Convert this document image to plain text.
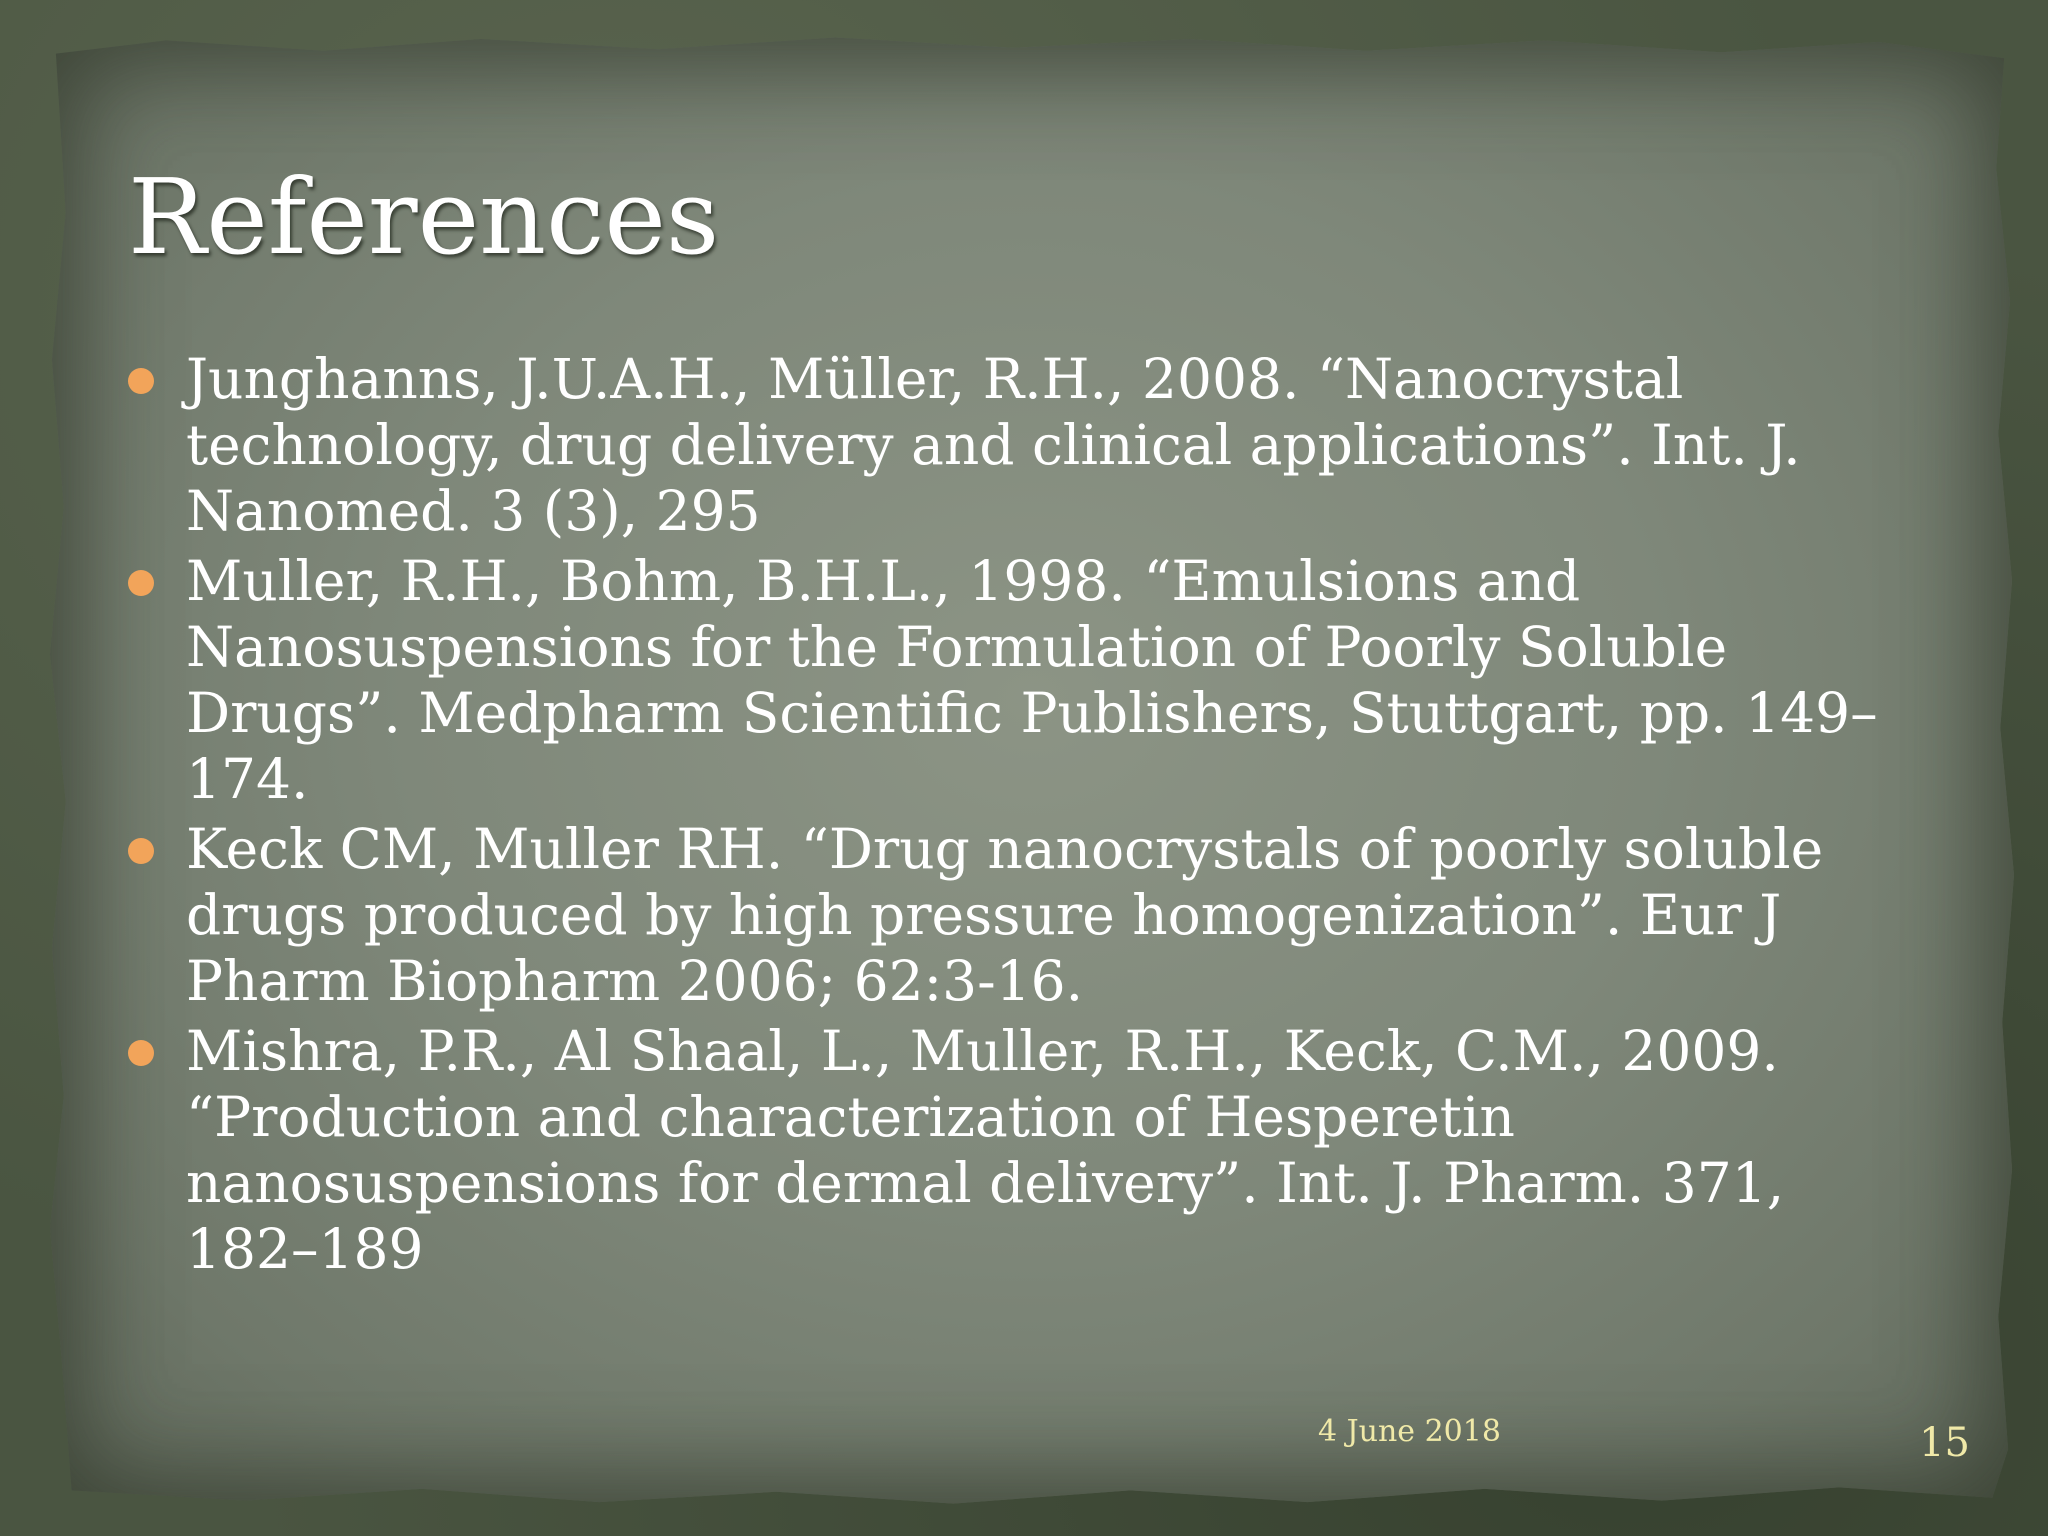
References
Junghanns, J.U.A.H., Müller, R.H., 2008. “Nanocrystal technology, drug delivery and clinical applications”. Int. J. Nanomed. 3 (3), 295
Muller, R.H., Bohm, B.H.L., 1998. “Emulsions and Nanosuspensions for the Formulation of Poorly Soluble Drugs”. Medpharm Scientific Publishers, Stuttgart, pp. 149–174.
Keck CM, Muller RH. “Drug nanocrystals of poorly soluble drugs produced by high pressure homogenization”. Eur J Pharm Biopharm 2006; 62:3-16.
Mishra, P.R., Al Shaal, L., Muller, R.H., Keck, C.M., 2009. “Production and characterization of Hesperetin nanosuspensions for dermal delivery”. Int. J. Pharm. 371, 182–189
4 June 2018	15
